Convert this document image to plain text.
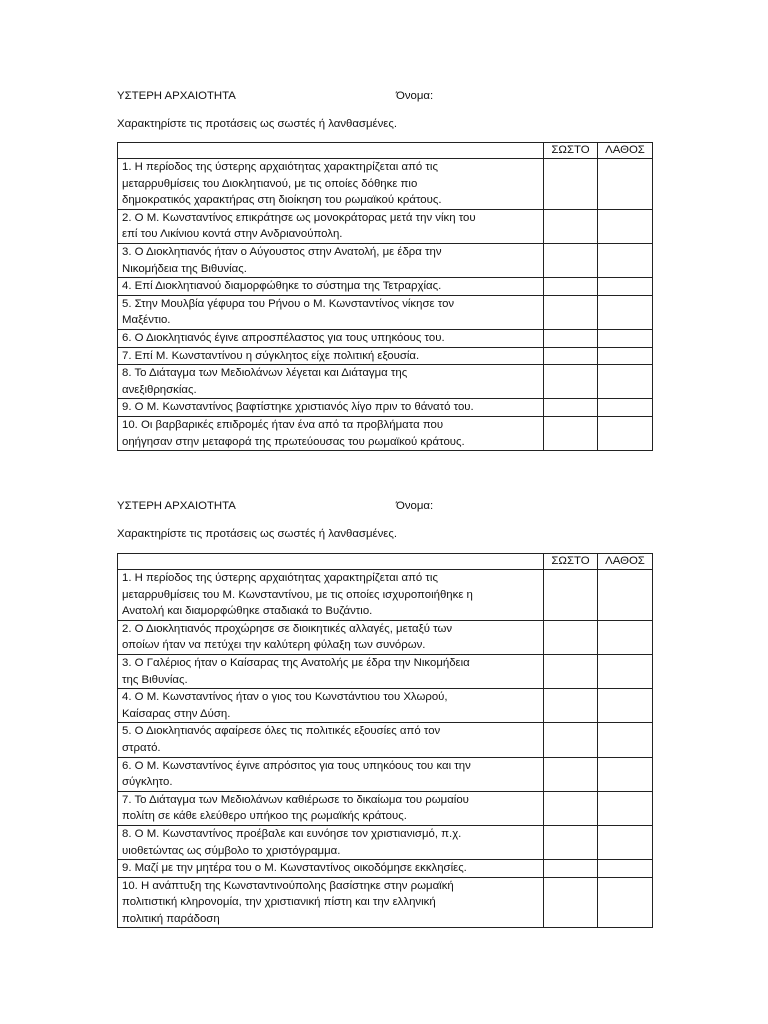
ΥΣΤΕΡΗ ΑΡΧΑΙΟΤΗΤΑ	Όνομα:
Χαρακτηρίστε τις προτάσεις ως σωστές ή λανθασμένες.
	ΣΩΣΤΟ	ΛΑΘΟΣ

1. Η περίοδος της ύστερης αρχαιότητας χαρακτηρίζεται από τις
μεταρρυθμίσεις του Διοκλητιανού, με τις οποίες δόθηκε πιο
δημοκρατικός χαρακτήρας στη διοίκηση του ρωμαϊκού κράτους.		

2. Ο Μ. Κωνσταντίνος επικράτησε ως μονοκράτορας μετά την νίκη του
επί του Λικίνιου κοντά στην Ανδριανούπολη.		

3. Ο Διοκλητιανός ήταν ο Αύγουστος στην Ανατολή, με έδρα την
Νικομήδεια της Βιθυνίας.		

4. Επί Διοκλητιανού διαμορφώθηκε το σύστημα της Τετραρχίας.		

5. Στην Μουλβία γέφυρα του Ρήνου ο Μ. Κωνσταντίνος νίκησε τον
Μαξέντιο.		

6. Ο Διοκλητιανός έγινε απροσπέλαστος για τους υπηκόους του.		

7. Επί Μ. Κωνσταντίνου η σύγκλητος είχε πολιτική εξουσία.		

8. Το Διάταγμα των Μεδιολάνων λέγεται και Διάταγμα της
ανεξιθρησκίας.		

9. Ο Μ. Κωνσταντίνος βαφτίστηκε χριστιανός λίγο πριν το θάνατό του.		

10. Οι βαρβαρικές επιδρομές ήταν ένα από τα προβλήματα που
οηήγησαν στην μεταφορά της πρωτεύουσας του ρωμαϊκού κράτους.		

ΥΣΤΕΡΗ ΑΡΧΑΙΟΤΗΤΑ	Όνομα:
Χαρακτηρίστε τις προτάσεις ως σωστές ή λανθασμένες.
	ΣΩΣΤΟ	ΛΑΘΟΣ

1. Η περίοδος της ύστερης αρχαιότητας χαρακτηρίζεται από τις
μεταρρυθμίσεις του Μ. Κωνσταντίνου, με τις οποίες ισχυροποιήθηκε η
Ανατολή και διαμορφώθηκε σταδιακά το Βυζάντιο.		

2. Ο Διοκλητιανός προχώρησε σε διοικητικές αλλαγές, μεταξύ των
οποίων ήταν να πετύχει την καλύτερη φύλαξη των συνόρων.		

3. Ο Γαλέριος ήταν ο Καίσαρας της Ανατολής με έδρα την Νικομήδεια
της Βιθυνίας.		

4. Ο Μ. Κωνσταντίνος ήταν ο γιος του Κωνστάντιου του Χλωρού,
Καίσαρας στην Δύση.		

5. Ο Διοκλητιανός αφαίρεσε όλες τις πολιτικές εξουσίες από τον
στρατό.		

6. Ο Μ. Κωνσταντίνος έγινε απρόσιτος για τους υπηκόους του και την
σύγκλητο.		

7. Το Διάταγμα των Μεδιολάνων καθιέρωσε το δικαίωμα του ρωμαίου
πολίτη σε κάθε ελεύθερο υπήκοο της ρωμαϊκής κράτους.		

8. Ο Μ. Κωνσταντίνος προέβαλε και ευνόησε τον χριστιανισμό, π.χ.
υιοθετώντας ως σύμβολο το χριστόγραμμα.		

9. Μαζί με την μητέρα του ο Μ. Κωνσταντίνος οικοδόμησε εκκλησίες.		

10. Η ανάπτυξη της Κωνσταντινούπολης βασίστηκε στην ρωμαϊκή
πολιτιστική κληρονομία, την χριστιανική πίστη και την ελληνική
πολιτική παράδοση		
